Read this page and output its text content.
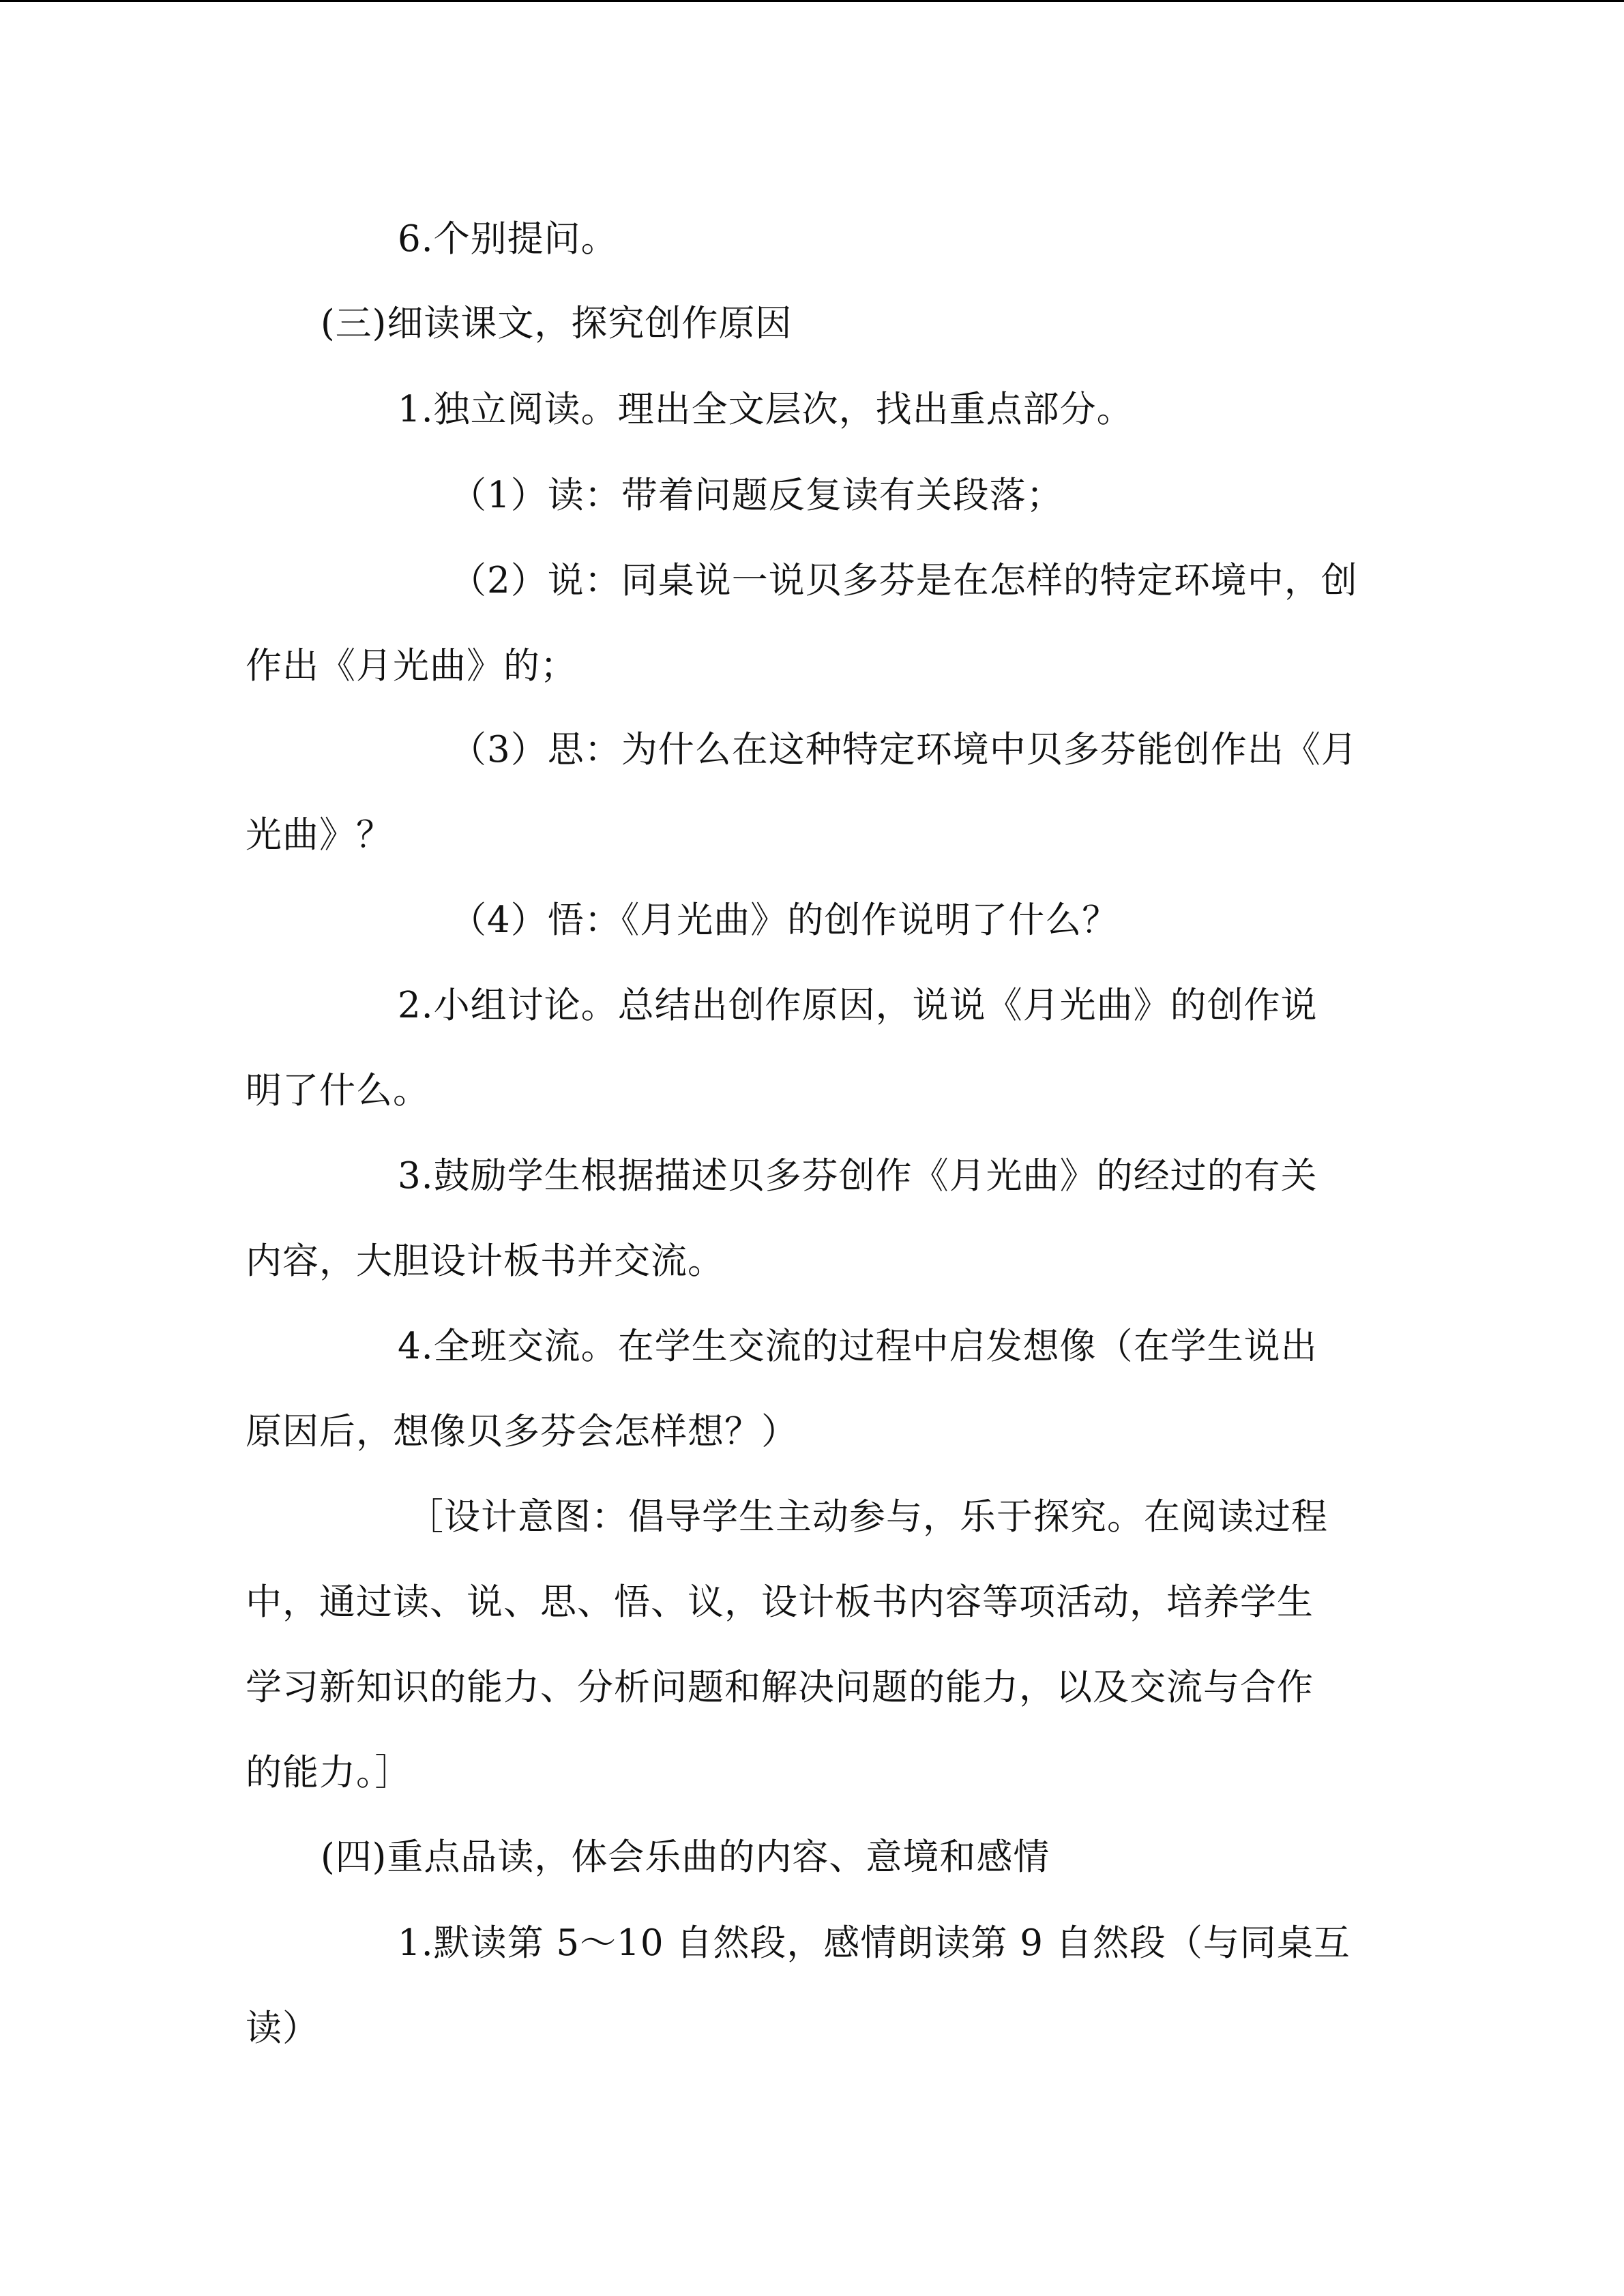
6.个别提问。
(三)细读课文，探究创作原因
1.独立阅读。理出全文层次，找出重点部分。
（1）读：带着问题反复读有关段落；
（2）说：同桌说一说贝多芬是在怎样的特定环境中，创
作出《月光曲》的；
（3）思：为什么在这种特定环境中贝多芬能创作出《月
光曲》？
（4）悟：《月光曲》的创作说明了什么？
2.小组讨论。总结出创作原因，说说《月光曲》的创作说
明了什么。
3.鼓励学生根据描述贝多芬创作《月光曲》的经过的有关
内容，大胆设计板书并交流。
4.全班交流。在学生交流的过程中启发想像（在学生说出
原因后，想像贝多芬会怎样想？）
［设计意图：倡导学生主动参与，乐于探究。在阅读过程
中，通过读、说、思、悟、议，设计板书内容等项活动，培养学生
学习新知识的能力、分析问题和解决问题的能力，以及交流与合作
的能力。］
(四)重点品读，体会乐曲的内容、意境和感情
1.默读第 5～10 自然段，感情朗读第 9 自然段（与同桌互
读）
